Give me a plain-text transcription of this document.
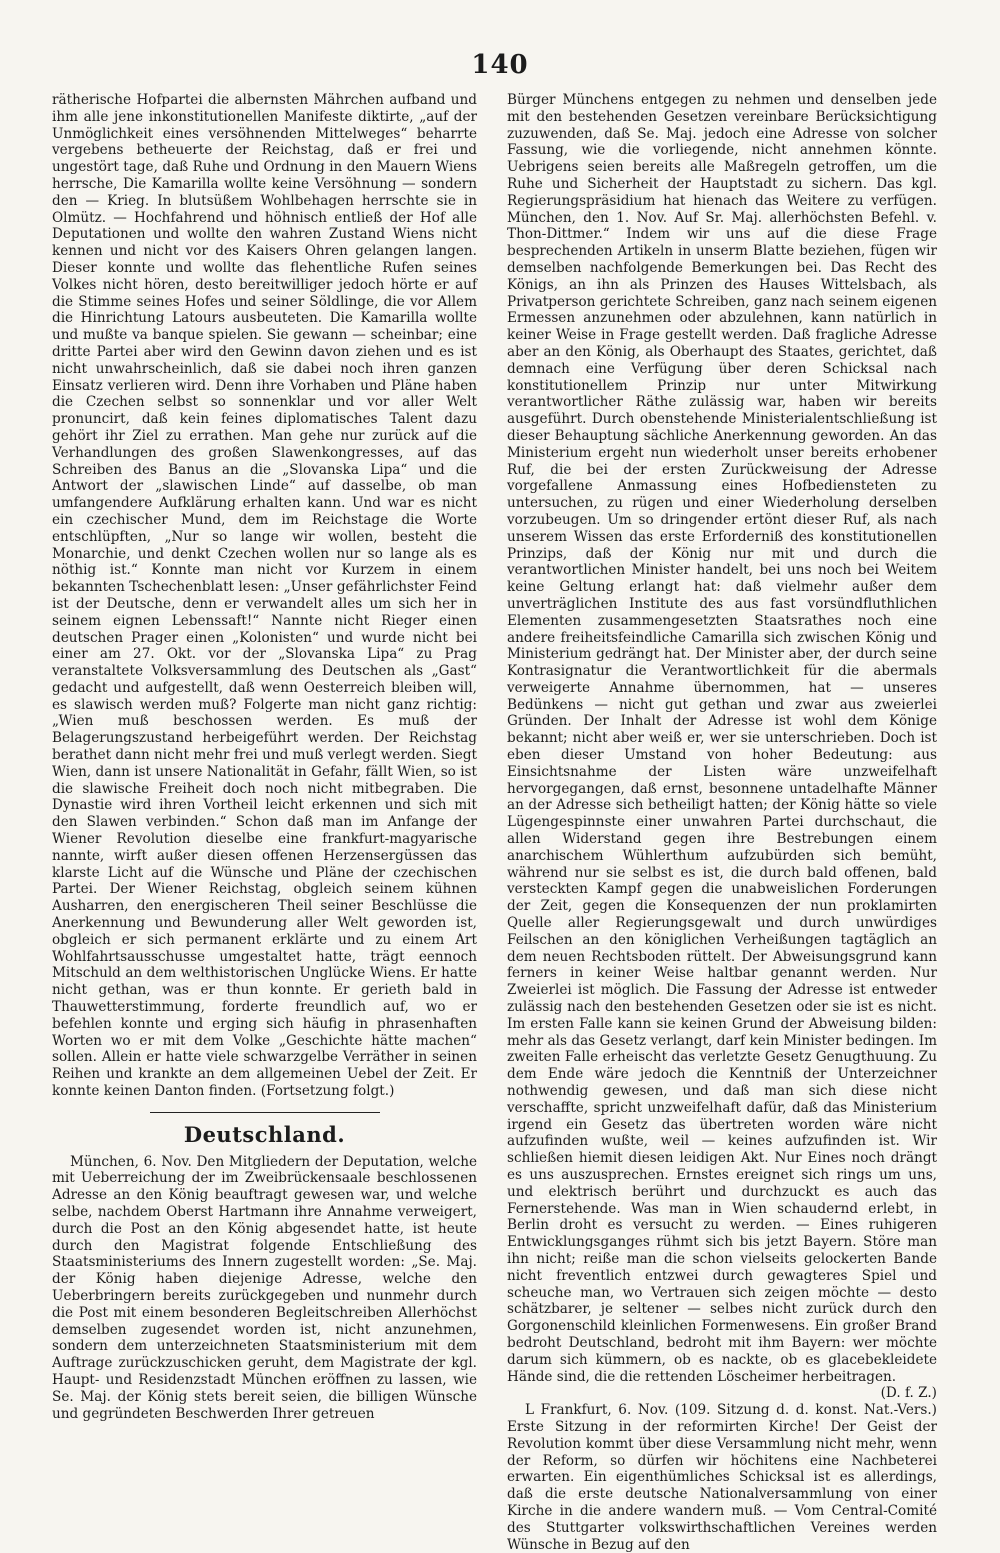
140

rätherische Hofpartei die albernsten Mährchen aufband und ihm alle jene inkonstitutionellen Manifeste diktirte, „auf der Unmöglichkeit eines versöhnenden Mittelweges“ beharrte vergebens betheuerte der Reichstag, daß er frei und ungestört tage, daß Ruhe und Ordnung in den Mauern Wiens herrsche, Die Kamarilla wollte keine Versöhnung — sondern den — Krieg. In blutsüßem Wohlbehagen herrschte sie in Olmütz. — Hochfahrend und höhnisch entließ der Hof alle Deputationen und wollte den wahren Zustand Wiens nicht kennen und nicht vor des Kaisers Ohren gelangen langen. Dieser konnte und wollte das flehentliche Rufen seines Volkes nicht hören, desto bereitwilliger jedoch hörte er auf die Stimme seines Hofes und seiner Söldlinge, die vor Allem die Hinrichtung Latours ausbeuteten. Die Kamarilla wollte und mußte va banque spielen. Sie gewann — scheinbar; eine dritte Partei aber wird den Gewinn davon ziehen und es ist nicht unwahrscheinlich, daß sie dabei noch ihren ganzen Einsatz verlieren wird. Denn ihre Vorhaben und Pläne haben die Czechen selbst so sonnenklar und vor aller Welt pronuncirt, daß kein feines diplomatisches Talent dazu gehört ihr Ziel zu errathen. Man gehe nur zurück auf die Verhandlungen des großen Slawenkongresses, auf das Schreiben des Banus an die „Slovanska Lipa“ und die Antwort der „slawischen Linde“ auf dasselbe, ob man umfangendere Aufklärung erhalten kann. Und war es nicht ein czechischer Mund, dem im Reichstage die Worte entschlüpften, „Nur so lange wir wollen, besteht die Monarchie, und denkt Czechen wollen nur so lange als es nöthig ist.“ Konnte man nicht vor Kurzem in einem bekannten Tschechenblatt lesen: „Unser gefährlichster Feind ist der Deutsche, denn er verwandelt alles um sich her in seinem eignen Lebenssaft!“ Nannte nicht Rieger einen deutschen Prager einen „Kolonisten“ und wurde nicht bei einer am 27. Okt. vor der „Slovanska Lipa“ zu Prag veranstaltete Volksversammlung des Deutschen als „Gast“ gedacht und aufgestellt, daß wenn Oesterreich bleiben will, es slawisch werden muß? Folgerte man nicht ganz richtig: „Wien muß beschossen werden. Es muß der Belagerungszustand herbeigeführt werden. Der Reichstag berathet dann nicht mehr frei und muß verlegt werden. Siegt Wien, dann ist unsere Nationalität in Gefahr, fällt Wien, so ist die slawische Freiheit doch noch nicht mitbegraben. Die Dynastie wird ihren Vortheil leicht erkennen und sich mit den Slawen verbinden.“ Schon daß man im Anfange der Wiener Revolution dieselbe eine frankfurt-magyarische nannte, wirft außer diesen offenen Herzensergüssen das klarste Licht auf die Wünsche und Pläne der czechischen Partei. Der Wiener Reichstag, obgleich seinem kühnen Ausharren, den energischeren Theil seiner Beschlüsse die Anerkennung und Bewunderung aller Welt geworden ist, obgleich er sich permanent erklärte und zu einem Art Wohlfahrtsausschusse umgestaltet hatte, trägt eennoch Mitschuld an dem welthistorischen Unglücke Wiens. Er hatte nicht gethan, was er thun konnte. Er gerieth bald in Thauwetterstimmung, forderte freundlich auf, wo er befehlen konnte und erging sich häufig in phrasenhaften Worten wo er mit dem Volke „Geschichte hätte machen“ sollen. Allein er hatte viele schwarzgelbe Verräther in seinen Reihen und krankte an dem allgemeinen Uebel der Zeit. Er konnte keinen Danton finden. (Fortsetzung folgt.)

Deutschland.

München, 6. Nov. Den Mitgliedern der Deputation, welche mit Ueberreichung der im Zweibrückensaale beschlossenen Adresse an den König beauftragt gewesen war, und welche selbe, nachdem Oberst Hartmann ihre Annahme verweigert, durch die Post an den König abgesendet hatte, ist heute durch den Magistrat folgende Entschließung des Staatsministeriums des Innern zugestellt worden: „Se. Maj. der König haben diejenige Adresse, welche den Ueberbringern bereits zurückgegeben und nunmehr durch die Post mit einem besonderen Begleitschreiben Allerhöchst demselben zugesendet worden ist, nicht anzunehmen, sondern dem unterzeichneten Staatsministerium mit dem Auftrage zurückzuschicken geruht, dem Magistrate der kgl. Haupt- und Residenzstadt München eröffnen zu lassen, wie Se. Maj. der König stets bereit seien, die billigen Wünsche und gegründeten Beschwerden Ihrer getreuen

Bürger Münchens entgegen zu nehmen und denselben jede mit den bestehenden Gesetzen vereinbare Berücksichtigung zuzuwenden, daß Se. Maj. jedoch eine Adresse von solcher Fassung, wie die vorliegende, nicht annehmen könnte. Uebrigens seien bereits alle Maßregeln getroffen, um die Ruhe und Sicherheit der Hauptstadt zu sichern. Das kgl. Regierungspräsidium hat hienach das Weitere zu verfügen. München, den 1. Nov. Auf Sr. Maj. allerhöchsten Befehl. v. Thon-Dittmer.“ Indem wir uns auf die diese Frage besprechenden Artikeln in unserm Blatte beziehen, fügen wir demselben nachfolgende Bemerkungen bei. Das Recht des Königs, an ihn als Prinzen des Hauses Wittelsbach, als Privatperson gerichtete Schreiben, ganz nach seinem eigenen Ermessen anzunehmen oder abzulehnen, kann natürlich in keiner Weise in Frage gestellt werden. Daß fragliche Adresse aber an den König, als Oberhaupt des Staates, gerichtet, daß demnach eine Verfügung über deren Schicksal nach konstitutionellem Prinzip nur unter Mitwirkung verantwortlicher Räthe zulässig war, haben wir bereits ausgeführt. Durch obenstehende Ministerialentschließung ist dieser Behauptung sächliche Anerkennung geworden. An das Ministerium ergeht nun wiederholt unser bereits erhobener Ruf, die bei der ersten Zurückweisung der Adresse vorgefallene Anmassung eines Hofbediensteten zu untersuchen, zu rügen und einer Wiederholung derselben vorzubeugen. Um so dringender ertönt dieser Ruf, als nach unserem Wissen das erste Erforderniß des konstitutionellen Prinzips, daß der König nur mit und durch die verantwortlichen Minister handelt, bei uns noch bei Weitem keine Geltung erlangt hat: daß vielmehr außer dem unverträglichen Institute des aus fast vorsündfluthlichen Elementen zusammengesetzten Staatsrathes noch eine andere freiheitsfeindliche Camarilla sich zwischen König und Ministerium gedrängt hat. Der Minister aber, der durch seine Kontrasignatur die Verantwortlichkeit für die abermals verweigerte Annahme übernommen, hat — unseres Bedünkens — nicht gut gethan und zwar aus zweierlei Gründen. Der Inhalt der Adresse ist wohl dem Könige bekannt; nicht aber weiß er, wer sie unterschrieben. Doch ist eben dieser Umstand von hoher Bedeutung: aus Einsichtsnahme der Listen wäre unzweifelhaft hervorgegangen, daß ernst, besonnene untadelhafte Männer an der Adresse sich betheiligt hatten; der König hätte so viele Lügengespinnste einer unwahren Partei durchschaut, die allen Widerstand gegen ihre Bestrebungen einem anarchischem Wühlerthum aufzubürden sich bemüht, während nur sie selbst es ist, die durch bald offenen, bald versteckten Kampf gegen die unabweislichen Forderungen der Zeit, gegen die Konsequenzen der nun proklamirten Quelle aller Regierungsgewalt und durch unwürdiges Feilschen an den königlichen Verheißungen tagtäglich an dem neuen Rechtsboden rüttelt. Der Abweisungsgrund kann ferners in keiner Weise haltbar genannt werden. Nur Zweierlei ist möglich. Die Fassung der Adresse ist entweder zulässig nach den bestehenden Gesetzen oder sie ist es nicht. Im ersten Falle kann sie keinen Grund der Abweisung bilden: mehr als das Gesetz verlangt, darf kein Minister bedingen. Im zweiten Falle erheischt das verletzte Gesetz Genugthuung. Zu dem Ende wäre jedoch die Kenntniß der Unterzeichner nothwendig gewesen, und daß man sich diese nicht verschaffte, spricht unzweifelhaft dafür, daß das Ministerium irgend ein Gesetz das übertreten worden wäre nicht aufzufinden wußte, weil — keines aufzufinden ist. Wir schließen hiemit diesen leidigen Akt. Nur Eines noch drängt es uns auszusprechen. Ernstes ereignet sich rings um uns, und elektrisch berührt und durchzuckt es auch das Fernerstehende. Was man in Wien schaudernd erlebt, in Berlin droht es versucht zu werden. — Eines ruhigeren Entwicklungsganges rühmt sich bis jetzt Bayern. Störe man ihn nicht; reiße man die schon vielseits gelockerten Bande nicht freventlich entzwei durch gewagteres Spiel und scheuche man, wo Vertrauen sich zeigen möchte — desto schätzbarer, je seltener — selbes nicht zurück durch den Gorgonenschild kleinlichen Formenwesens. Ein großer Brand bedroht Deutschland, bedroht mit ihm Bayern: wer möchte darum sich kümmern, ob es nackte, ob es glacebekleidete Hände sind, die die rettenden Löscheimer herbeitragen.

(D. f. Z.)

L Frankfurt, 6. Nov. (109. Sitzung d. d. konst. Nat.-Vers.) Erste Sitzung in der reformirten Kirche! Der Geist der Revolution kommt über diese Versammlung nicht mehr, wenn der Reform, so dürfen wir höchitens eine Nachbeterei erwarten. Ein eigenthümliches Schicksal ist es allerdings, daß die erste deutsche Nationalversammlung von einer Kirche in die andere wandern muß. — Vom Central-Comité des Stuttgarter volkswirthschaftlichen Vereines werden Wünsche in Bezug auf den
